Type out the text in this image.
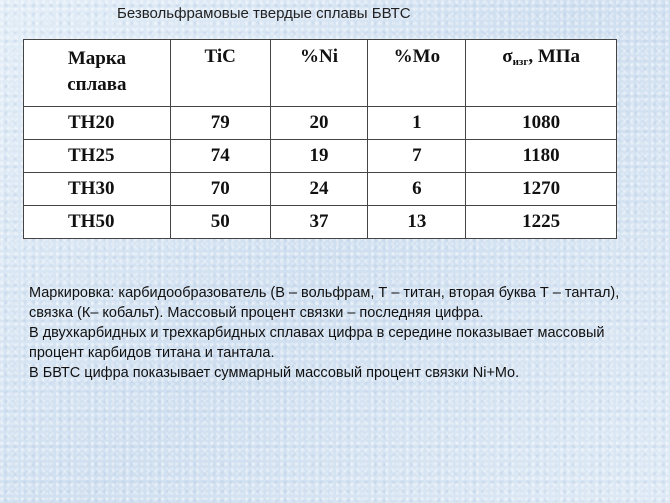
Безвольфрамовые твердые сплавы БВТС
Марка
сплава	TiC	%Ni	%Mo	$\sigma_{изг}$, МПа
ТН20	79	20	1	1080
ТН25	74	19	7	1180
ТН30	70	24	6	1270
ТН50	50	37	13	1225

Маркировка: карбидообразователь (В – вольфрам, Т – титан, вторая буква Т – тантал), связка (К– кобальт). Массовый процент связки – последняя цифра.

В двухкарбидных и трехкарбидных сплавах цифра в середине показывает массовый процент карбидов титана и тантала.

В БВТС цифра показывает суммарный массовый процент связки Ni+Mo.
